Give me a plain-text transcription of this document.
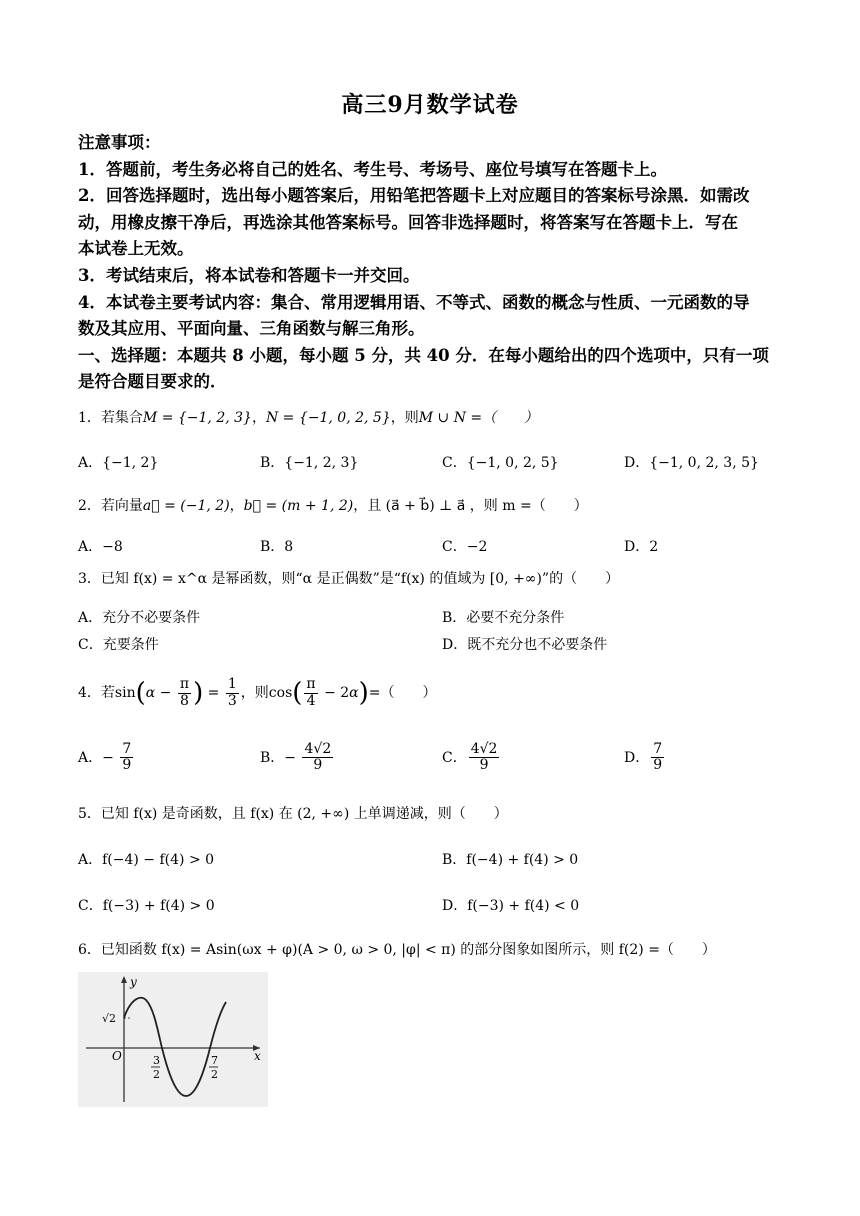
高三9月数学试卷
注意事项：
1．答题前，考生务必将自己的姓名、考生号、考场号、座位号填写在答题卡上。
2．回答选择题时，选出每小题答案后，用铅笔把答题卡上对应题目的答案标号涂黑．如需改
动，用橡皮擦干净后，再选涂其他答案标号。回答非选择题时，将答案写在答题卡上．写在
本试卷上无效。
3．考试结束后，将本试卷和答题卡一并交回。
4．本试卷主要考试内容：集合、常用逻辑用语、不等式、函数的概念与性质、一元函数的导
数及其应用、平面向量、三角函数与解三角形。
一、选择题：本题共 8 小题，每小题 5 分，共 40 分．在每小题给出的四个选项中，只有一项
是符合题目要求的．
1．若集合M = {−1, 2, 3}，N = {−1, 0, 2, 5}，则M ∪ N =（　　）
A．{−1, 2}	B．{−1, 2, 3}	C．{−1, 0, 2, 5}	D．{−1, 0, 2, 3, 5}
2．若向量a⃗ = (−1, 2)，b⃗ = (m + 1, 2)，且 (a⃗ + b⃗) ⊥ a⃗ ，则 m =（　　）
A．−8	B．8	C．−2	D．2
3．已知 f(x) = x^α 是幂函数，则“α 是正偶数”是“f(x) 的值域为 [0, +∞)”的（　　）
A．充分不必要条件	B．必要不充分条件
C．充要条件	D．既不充分也不必要条件
4．若$\sin(\alpha - \frac{\pi}{8}$ ) = $\frac{1}{3}$ ，则$\cos( \frac{\pi}{4} - 2\alpha)=$（　　）
A．− $\frac{7}{9}$	B．− $\frac{4√2}{9}$	C． $\frac{4√2}{9}$	D． $\frac{7}{9}$
5．已知 f(x) 是奇函数，且 f(x) 在 (2, +∞) 上单调递减，则（　　）
A．f(−4) − f(4) > 0	B．f(−4) + f(4) > 0
C．f(−3) + f(4) > 0	D．f(−3) + f(4) < 0
6．已知函数 f(x) = Asin(ωx + φ)(A > 0, ω > 0, |φ| < π) 的部分图象如图所示，则 f(2) =（　　）
y
x
O
√2
3
2
7
2
